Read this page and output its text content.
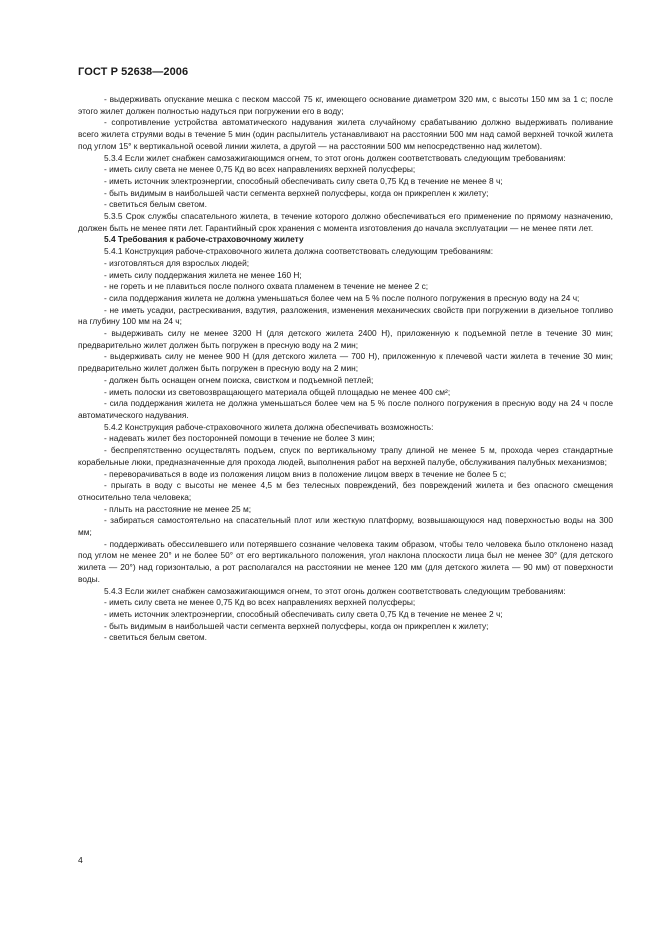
ГОСТ Р 52638—2006

- выдерживать опускание мешка с песком массой 75 кг, имеющего основание диаметром 320 мм, с высоты 150 мм за 1 с; после этого жилет должен полностью надуться при погружении его в воду;

- сопротивление устройства автоматического надувания жилета случайному срабатыванию должно выдерживать поливание всего жилета струями воды в течение 5 мин (один распылитель устанавливают на расстоянии 500 мм над самой верхней точкой жилета под углом 15° к вертикальной осевой линии жилета, а другой — на расстоянии 500 мм непосредственно над жилетом).

5.3.4 Если жилет снабжен самозажигающимся огнем, то этот огонь должен соответствовать следующим требованиям:

- иметь силу света не менее 0,75 Кд во всех направлениях верхней полусферы;

- иметь источник электроэнергии, способный обеспечивать силу света 0,75 Кд в течение не менее 8 ч;

- быть видимым в наибольшей части сегмента верхней полусферы, когда он прикреплен к жилету;

- светиться белым светом.

5.3.5 Срок службы спасательного жилета, в течение которого должно обеспечиваться его применение по прямому назначению, должен быть не менее пяти лет. Гарантийный срок хранения с момента изготовления до начала эксплуатации — не менее пяти лет.

5.4 Требования к рабоче-страховочному жилету

5.4.1 Конструкция рабоче-страховочного жилета должна соответствовать следующим требованиям:

- изготовляться для взрослых людей;

- иметь силу поддержания жилета не менее 160 Н;

- не гореть и не плавиться после полного охвата пламенем в течение не менее 2 с;

- сила поддержания жилета не должна уменьшаться более чем на 5 % после полного погружения в пресную воду на 24 ч;

- не иметь усадки, растрескивания, вздутия, разложения, изменения механических свойств при погружении в дизельное топливо на глубину 100 мм на 24 ч;

- выдерживать силу не менее 3200 Н (для детского жилета 2400 Н), приложенную к подъемной петле в течение 30 мин; предварительно жилет должен быть погружен в пресную воду на 2 мин;

- выдерживать силу не менее 900 Н (для детского жилета — 700 Н), приложенную к плечевой части жилета в течение 30 мин; предварительно жилет должен быть погружен в пресную воду на 2 мин;

- должен быть оснащен огнем поиска, свистком и подъемной петлей;

- иметь полоски из световозвращающего материала общей площадью не менее 400 см²;

- сила поддержания жилета не должна уменьшаться более чем на 5 % после полного погружения в пресную воду на 24 ч после автоматического надувания.

5.4.2 Конструкция рабоче-страховочного жилета должна обеспечивать возможность:

- надевать жилет без посторонней помощи в течение не более 3 мин;

- беспрепятственно осуществлять подъем, спуск по вертикальному трапу длиной не менее 5 м, прохода через стандартные корабельные люки, предназначенные для прохода людей, выполнения работ на верхней палубе, обслуживания палубных механизмов;

- переворачиваться в воде из положения лицом вниз в положение лицом вверх в течение не более 5 с;

- прыгать в воду с высоты не менее 4,5 м без телесных повреждений, без повреждений жилета и без опасного смещения относительно тела человека;

- плыть на расстояние не менее 25 м;

- забираться самостоятельно на спасательный плот или жесткую платформу, возвышающуюся над поверхностью воды на 300 мм;

- поддерживать обессилевшего или потерявшего сознание человека таким образом, чтобы тело человека было отклонено назад под углом не менее 20° и не более 50° от его вертикального положения, угол наклона плоскости лица был не менее 30° (для детского жилета — 20°) над горизонталью, а рот располагался на расстоянии не менее 120 мм (для детского жилета — 90 мм) от поверхности воды.

5.4.3 Если жилет снабжен самозажигающимся огнем, то этот огонь должен соответствовать следующим требованиям:

- иметь силу света не менее 0,75 Кд во всех направлениях верхней полусферы;

- иметь источник электроэнергии, способный обеспечивать силу света 0,75 Кд в течение не менее 2 ч;

- быть видимым в наибольшей части сегмента верхней полусферы, когда он прикреплен к жилету;

- светиться белым светом.

4
